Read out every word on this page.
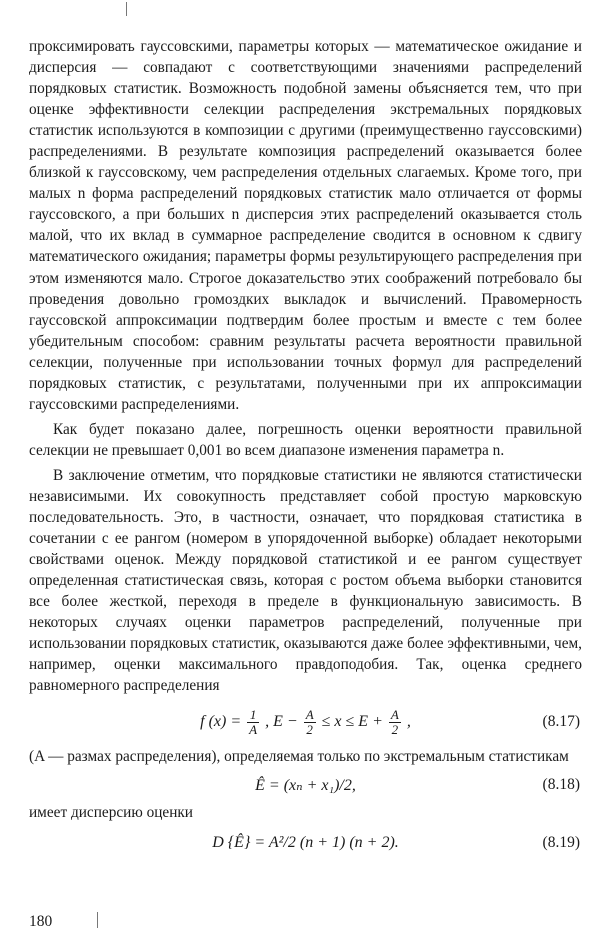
проксимировать гауссовскими, параметры которых — математическое ожидание и дисперсия — совпадают с соответствующими значениями распределений порядковых статистик. Возможность подобной замены объясняется тем, что при оценке эффективности селекции распределения экстремальных порядковых статистик используются в композиции с другими (преимущественно гауссовскими) распределениями. В результате композиция распределений оказывается более близкой к гауссовскому, чем распределения отдельных слагаемых. Кроме того, при малых n форма распределений порядковых статистик мало отличается от формы гауссовского, а при больших n дисперсия этих распределений оказывается столь малой, что их вклад в суммарное распределение сводится в основном к сдвигу математического ожидания; параметры формы результирующего распределения при этом изменяются мало. Строгое доказательство этих соображений потребовало бы проведения довольно громоздких выкладок и вычислений. Правомерность гауссовской аппроксимации подтвердим более простым и вместе с тем более убедительным способом: сравним результаты расчета вероятности правильной селекции, полученные при использовании точных формул для распределений порядковых статистик, с результатами, полученными при их аппроксимации гауссовскими распределениями.

Как будет показано далее, погрешность оценки вероятности правильной селекции не превышает 0,001 во всем диапазоне изменения параметра n.

В заключение отметим, что порядковые статистики не являются статистически независимыми. Их совокупность представляет собой простую марковскую последовательность. Это, в частности, означает, что порядковая статистика в сочетании с ее рангом (номером в упорядоченной выборке) обладает некоторыми свойствами оценок. Между порядковой статистикой и ее рангом существует определенная статистическая связь, которая с ростом объема выборки становится все более жесткой, переходя в пределе в функциональную зависимость. В некоторых случаях оценки параметров распределений, полученные при использовании порядковых статистик, оказываются даже более эффективными, чем, например, оценки максимального правдоподобия. Так, оценка среднего равномерного распределения

f $(x) = \frac{1}{A}$ , $E - \frac{A}{2} \le x \le E + \frac{A}{2}$ ,	(8.17)

(A — размах распределения), определяемая только по экстремальным статистикам

Ê = (xₙ + x₁)/2,	(8.18)

имеет дисперсию оценки

D {Ê} = A²/2 (n + 1) (n + 2).	(8.19)
180
